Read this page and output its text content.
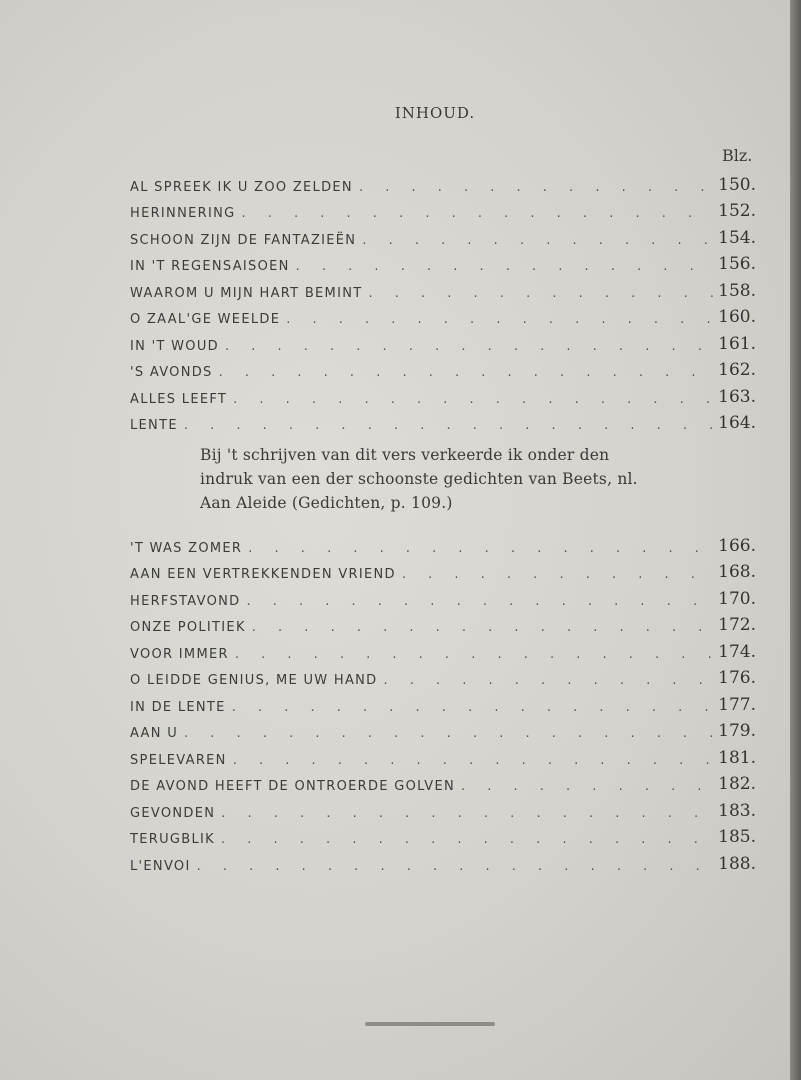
INHOUD.
Blz.
AL SPREEK IK U ZOO ZELDEN . . .	150.
HERINNERING . . .	152.
SCHOON ZIJN DE FANTAZIEËN . . .	154.
IN 'T REGENSAISOEN . . .	156.
WAAROM U MIJN HART BEMINT . . .	158.
O ZAAL'GE WEELDE . . .	160.
IN 'T WOUD . . .	161.
'S AVONDS . . .	162.
ALLES LEEFT . . .	163.
LENTE . . .	164.
Bij 't schrijven van dit vers verkeerde ik onder den
indruk van een der schoonste gedichten van Beets, nl.
Aan Aleide (Gedichten, p. 109.)
'T WAS ZOMER . . .	166.
AAN EEN VERTREKKENDEN VRIEND . . .	168.
HERFSTAVOND . . .	170.
ONZE POLITIEK . . .	172.
VOOR IMMER . . .	174.
O LEIDDE GENIUS, ME UW HAND . . .	176.
IN DE LENTE . . .	177.
AAN U . . .	179.
SPELEVAREN . . .	181.
DE AVOND HEEFT DE ONTROERDE GOLVEN . . .	182.
GEVONDEN . . .	183.
TERUGBLIK . . .	185.
L'ENVOI . . .	188.
